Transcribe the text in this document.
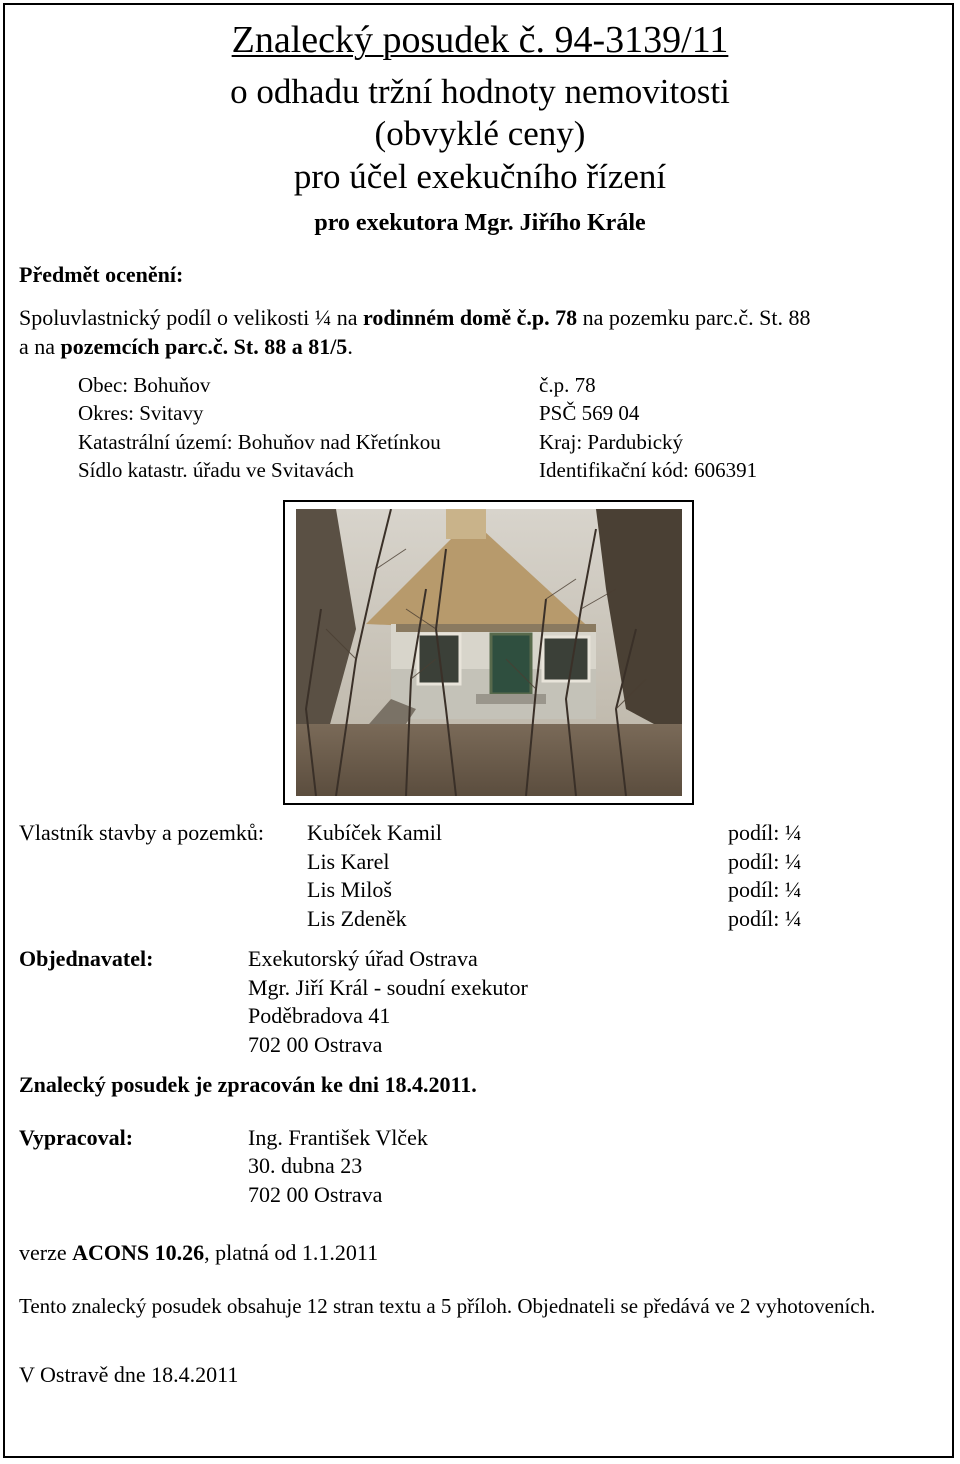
Znalecký posudek č. 94-3139/11
o odhadu tržní hodnoty nemovitosti
(obvyklé ceny)
pro účel exekučního řízení
pro exekutora Mgr. Jiřího Krále
Předmět ocenění:
Spoluvlastnický podíl o velikosti ¼ na rodinném domě č.p. 78 na pozemku parc.č. St. 88
a na pozemcích parc.č. St. 88 a 81/5.
Obec: Bohuňov
Okres: Svitavy
Katastrální území: Bohuňov nad Křetínkou
Sídlo katastr. úřadu ve Svitavách
č.p. 78
PSČ 569 04
Kraj: Pardubický
Identifikační kód: 606391
Vlastník stavby a pozemků: Kubíček Kamil
Lis Karel
Lis Miloš
Lis Zdeněk
podíl: ¼
podíl: ¼
podíl: ¼
podíl: ¼
Objednavatel:	Exekutorský úřad Ostrava
Mgr. Jiří Král - soudní exekutor
Poděbradova 41
702 00 Ostrava
Znalecký posudek je zpracován ke dni 18.4.2011.
Vypracoval:	Ing. František Vlček
30. dubna 23
702 00 Ostrava
verze ACONS 10.26, platná od 1.1.2011
Tento znalecký posudek obsahuje 12 stran textu a 5 příloh. Objednateli se předává ve 2 vyhotoveních.
V Ostravě dne 18.4.2011
